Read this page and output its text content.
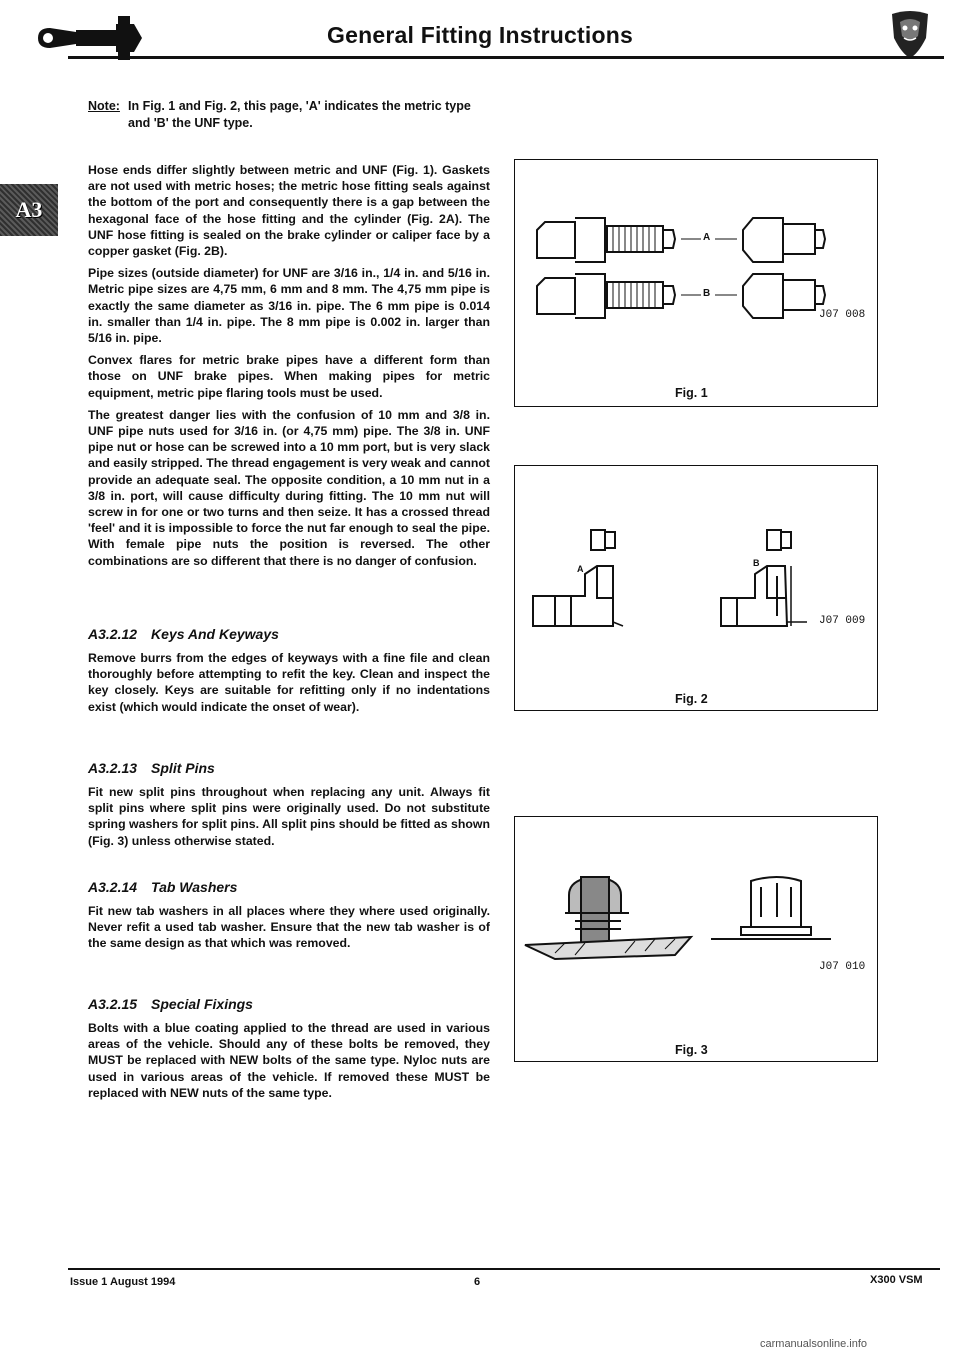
General Fitting Instructions
A3
Note: In Fig. 1 and Fig. 2, this page, 'A' indicates the metric type and 'B' the UNF type.

Hose ends differ slightly between metric and UNF (Fig. 1). Gaskets are not used with metric hoses; the metric hose fitting seals against the bottom of the port and consequently there is a gap between the hexagonal face of the hose fitting and the cylinder (Fig. 2A). The UNF hose fitting is sealed on the brake cylinder or caliper face by a copper gasket (Fig. 2B).

Pipe sizes (outside diameter) for UNF are 3/16 in., 1/4 in. and 5/16 in. Metric pipe sizes are 4,75 mm, 6 mm and 8 mm. The 4,75 mm pipe is exactly the same diameter as 3/16 in. pipe. The 6 mm pipe is 0.014 in. smaller than 1/4 in. pipe. The 8 mm pipe is 0.002 in. larger than 5/16 in. pipe.

Convex flares for metric brake pipes have a different form than those on UNF brake pipes. When making pipes for metric equipment, metric pipe flaring tools must be used.

The greatest danger lies with the confusion of 10 mm and 3/8 in. UNF pipe nuts used for 3/16 in. (or 4,75 mm) pipe. The 3/8 in. UNF pipe nut or hose can be screwed into a 10 mm port, but is very slack and easily stripped. The thread engagement is very weak and cannot provide an adequate seal. The opposite condition, a 10 mm nut in a 3/8 in. port, will cause difficulty during fitting. The 10 mm nut will screw in for one or two turns and then seize. It has a crossed thread 'feel' and it is impossible to force the nut far enough to seal the pipe. With female pipe nuts the position is reversed. The other combinations are so different that there is no danger of confusion.

A3.2.12 Keys And Keyways
Remove burrs from the edges of keyways with a fine file and clean thoroughly before attempting to refit the key. Clean and inspect the key closely. Keys are suitable for refitting only if no indentations exist (which would indicate the onset of wear).
A3.2.13 Split Pins
Fit new split pins throughout when replacing any unit. Always fit split pins where split pins were originally used. Do not substitute spring washers for split pins. All split pins should be fitted as shown (Fig. 3) unless otherwise stated.
A3.2.14 Tab Washers
Fit new tab washers in all places where they where used originally. Never refit a used tab washer. Ensure that the new tab washer is of the same design as that which was removed.
A3.2.15 Special Fixings
Bolts with a blue coating applied to the thread are used in various areas of the vehicle. Should any of these bolts be removed, they MUST be replaced with NEW bolts of the same type. Nyloc nuts are used in various areas of the vehicle. If removed these MUST be replaced with NEW nuts of the same type.
A
B
J07 008
Fig. 1
A
B
J07 009
Fig. 2
J07 010
Fig. 3
Issue 1 August 1994	6	X300 VSM
carmanualsonline.info
